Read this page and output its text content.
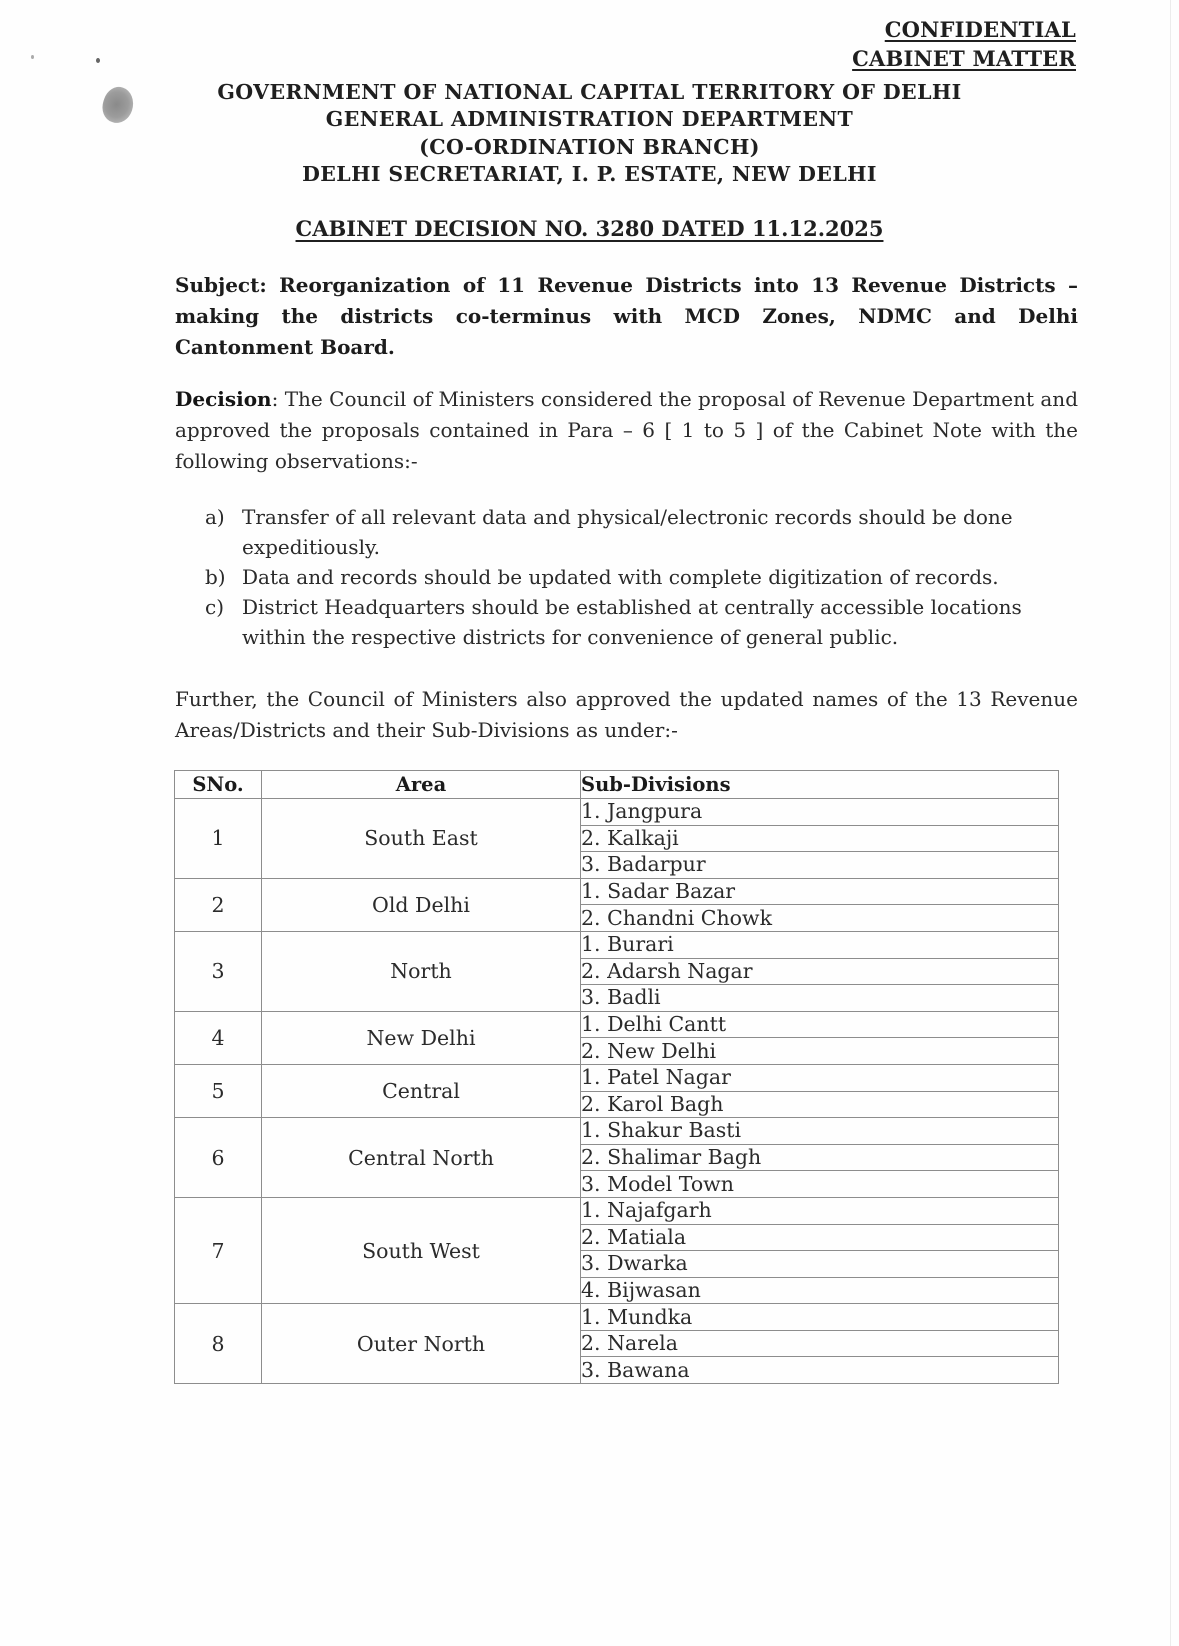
CONFIDENTIAL
CABINET MATTER
GOVERNMENT OF NATIONAL CAPITAL TERRITORY OF DELHI
GENERAL ADMINISTRATION DEPARTMENT
(CO-ORDINATION BRANCH)
DELHI SECRETARIAT, I. P. ESTATE, NEW DELHI
CABINET DECISION NO. 3280 DATED 11.12.2025
Subject: Reorganization of 11 Revenue Districts into 13 Revenue Districts – making the districts co-terminus with MCD Zones, NDMC and Delhi Cantonment Board.
Decision: The Council of Ministers considered the proposal of Revenue Department and approved the proposals contained in Para – 6 [ 1 to 5 ] of the Cabinet Note with the following observations:-
a) Transfer of all relevant data and physical/electronic records should be done expeditiously.
b) Data and records should be updated with complete digitization of records.
c) District Headquarters should be established at centrally accessible locations within the respective districts for convenience of general public.
Further, the Council of Ministers also approved the updated names of the 13 Revenue Areas/Districts and their Sub-Divisions as under:-
SNo.	Area	Sub-Divisions
1	South East	1. Jangpura
		2. Kalkaji
		3. Badarpur
2	Old Delhi	1. Sadar Bazar
		2. Chandni Chowk
3	North	1. Burari
		2. Adarsh Nagar
		3. Badli
4	New Delhi	1. Delhi Cantt
		2. New Delhi
5	Central	1. Patel Nagar
		2. Karol Bagh
6	Central North	1. Shakur Basti
		2. Shalimar Bagh
		3. Model Town
7	South West	1. Najafgarh
		2. Matiala
		3. Dwarka
		4. Bijwasan
8	Outer North	1. Mundka
		2. Narela
		3. Bawana
